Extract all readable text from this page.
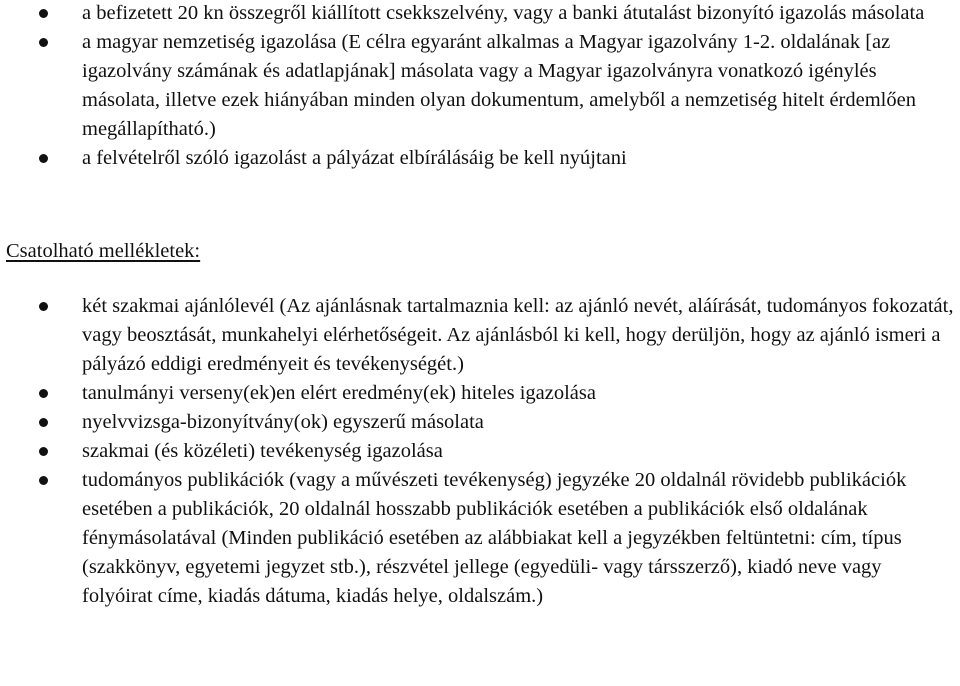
a befizetett 20 kn összegről kiállított csekkszelvény, vagy a banki átutalást bizonyító igazolás másolata
a magyar nemzetiség igazolása (E célra egyaránt alkalmas a Magyar igazolvány 1-2. oldalának [az igazolvány számának és adatlapjának] másolata vagy a Magyar igazolványra vonatkozó igénylés másolata, illetve ezek hiányában minden olyan dokumentum, amelyből a nemzetiség hitelt érdemlően megállapítható.)
a felvételről szóló igazolást a pályázat elbírálásáig be kell nyújtani
Csatolható mellékletek:
két szakmai ajánlólevél (Az ajánlásnak tartalmaznia kell: az ajánló nevét, aláírását, tudományos fokozatát, vagy beosztását, munkahelyi elérhetőségeit. Az ajánlásból ki kell, hogy derüljön, hogy az ajánló ismeri a pályázó eddigi eredményeit és tevékenységét.)
tanulmányi verseny(ek)en elért eredmény(ek) hiteles igazolása
nyelvvizsga-bizonyítvány(ok) egyszerű másolata
szakmai (és közéleti) tevékenység igazolása
tudományos publikációk (vagy a művészeti tevékenység) jegyzéke 20 oldalnál rövidebb publikációk esetében a publikációk, 20 oldalnál hosszabb publikációk esetében a publikációk első oldalának fénymásolatával (Minden publikáció esetében az alábbiakat kell a jegyzékben feltüntetni: cím, típus (szakkönyv, egyetemi jegyzet stb.), részvétel jellege (egyedüli- vagy társszerző), kiadó neve vagy folyóirat címe, kiadás dátuma, kiadás helye, oldalszám.)
